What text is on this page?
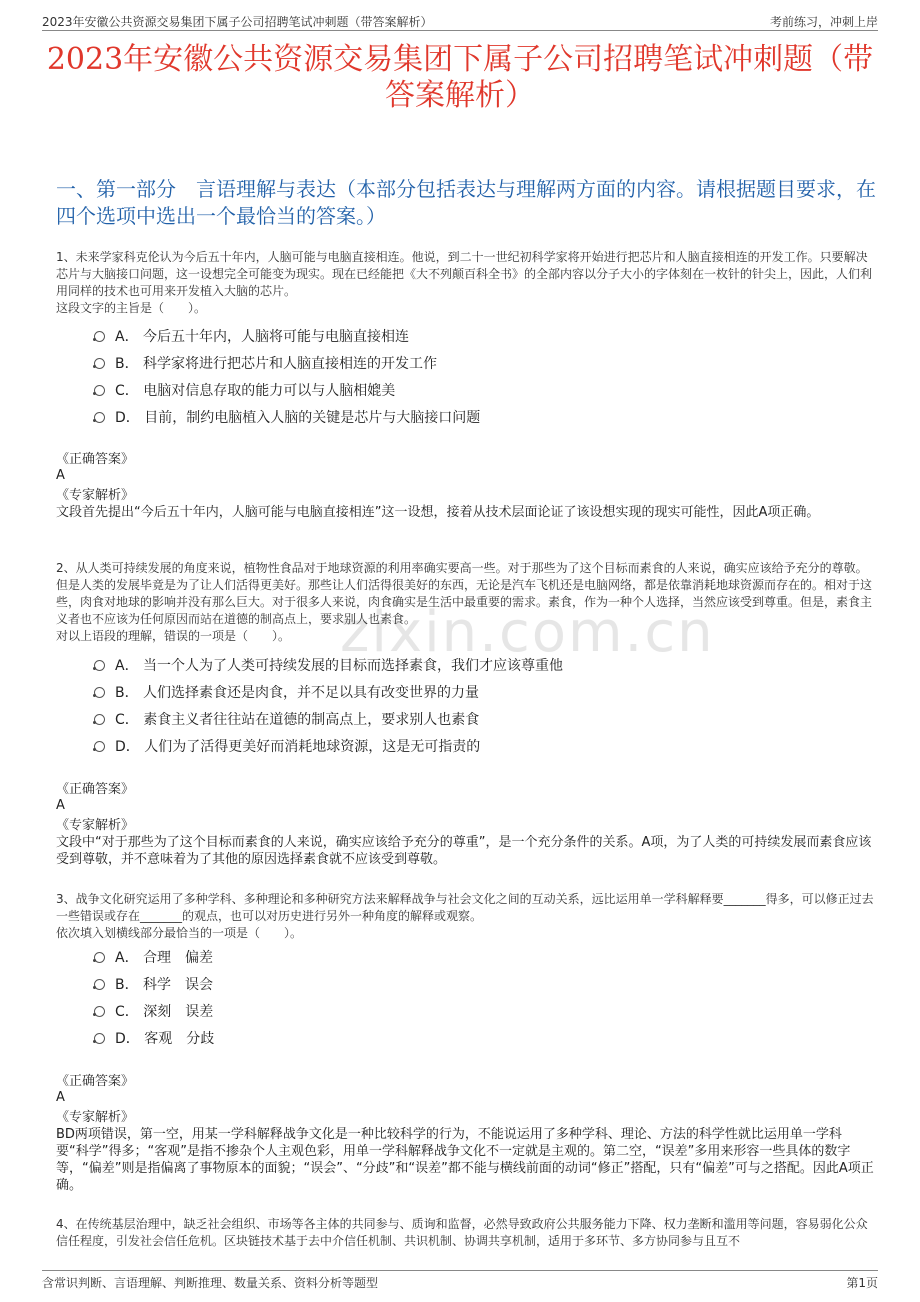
2023年安徽公共资源交易集团下属子公司招聘笔试冲刺题（带答案解析）	考前练习，冲刺上岸
2023年安徽公共资源交易集团下属子公司招聘笔试冲刺题（带答案解析）
一、第一部分　言语理解与表达（本部分包括表达与理解两方面的内容。请根据题目要求，在四个选项中选出一个最恰当的答案。）
zixin.com.cn
1、未来学家科克伦认为今后五十年内，人脑可能与电脑直接相连。他说，到二十一世纪初科学家将开始进行把芯片和人脑直接相连的开发工作。只要解决芯片与大脑接口问题，这一设想完全可能变为现实。现在已经能把《大不列颠百科全书》的全部内容以分子大小的字体刻在一枚针的针尖上，因此，人们利用同样的技术也可用来开发植入大脑的芯片。
这段文字的主旨是（　　）。
A． 今后五十年内，人脑将可能与电脑直接相连
B． 科学家将进行把芯片和人脑直接相连的开发工作
C． 电脑对信息存取的能力可以与人脑相媲美
D． 目前，制约电脑植入人脑的关键是芯片与大脑接口问题
《正确答案》
A
《专家解析》
文段首先提出“今后五十年内，人脑可能与电脑直接相连”这一设想，接着从技术层面论证了该设想实现的现实可能性，因此A项正确。
2、从人类可持续发展的角度来说，植物性食品对于地球资源的利用率确实要高一些。对于那些为了这个目标而素食的人来说，确实应该给予充分的尊敬。但是人类的发展毕竟是为了让人们活得更美好。那些让人们活得很美好的东西，无论是汽车飞机还是电脑网络，都是依靠消耗地球资源而存在的。相对于这些，肉食对地球的影响并没有那么巨大。对于很多人来说，肉食确实是生活中最重要的需求。素食，作为一种个人选择，当然应该受到尊重。但是，素食主义者也不应该为任何原因而站在道德的制高点上，要求别人也素食。
对以上语段的理解，错误的一项是（　　）。
A． 当一个人为了人类可持续发展的目标而选择素食，我们才应该尊重他
B． 人们选择素食还是肉食，并不足以具有改变世界的力量
C． 素食主义者往往站在道德的制高点上，要求别人也素食
D． 人们为了活得更美好而消耗地球资源，这是无可指责的
《正确答案》
A
《专家解析》
文段中“对于那些为了这个目标而素食的人来说，确实应该给予充分的尊重”，是一个充分条件的关系。A项，为了人类的可持续发展而素食应该受到尊敬，并不意味着为了其他的原因选择素食就不应该受到尊敬。
3、战争文化研究运用了多种学科、多种理论和多种研究方法来解释战争与社会文化之间的互动关系，远比运用单一学科解释要_______得多，可以修正过去一些错误或存在_______的观点，也可以对历史进行另外一种角度的解释或观察。
依次填入划横线部分最恰当的一项是（　　）。
A． 合理　偏差
B． 科学　误会
C． 深刻　误差
D． 客观　分歧
《正确答案》
A
《专家解析》
BD两项错误，第一空，用某一学科解释战争文化是一种比较科学的行为，不能说运用了多种学科、理论、方法的科学性就比运用单一学科要“科学”得多；“客观”是指不掺杂个人主观色彩，用单一学科解释战争文化不一定就是主观的。第二空，“误差”多用来形容一些具体的数字等，“偏差”则是指偏离了事物原本的面貌；“误会”、“分歧”和“误差”都不能与横线前面的动词“修正”搭配，只有“偏差”可与之搭配。因此A项正确。
4、在传统基层治理中，缺乏社会组织、市场等各主体的共同参与、质询和监督，必然导致政府公共服务能力下降、权力垄断和滥用等问题，容易弱化公众信任程度，引发社会信任危机。区块链技术基于去中介信任机制、共识机制、协调共享机制，适用于多环节、多方协同参与且互不
含常识判断、言语理解、判断推理、数量关系、资料分析等题型	第1页
